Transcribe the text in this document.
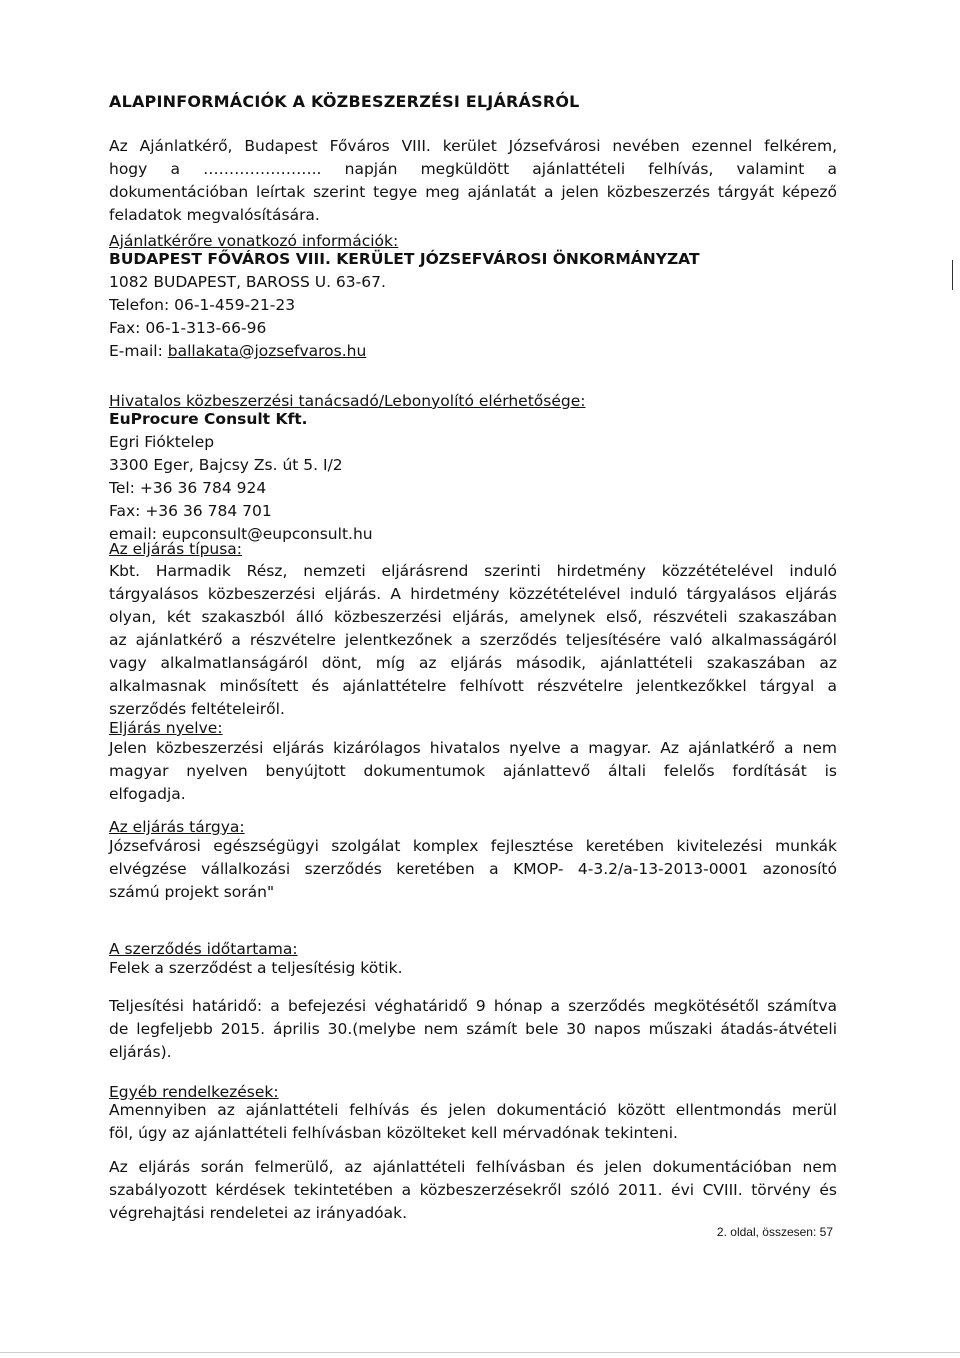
ALAPINFORMÁCIÓK A KÖZBESZERZÉSI ELJÁRÁSRÓL

Az Ajánlatkérő, Budapest Főváros VIII. kerület Józsefvárosi nevében ezennel felkérem,

hogy a ………………….. napján megküldött ajánlattételi felhívás, valamint a

dokumentációban leírtak szerint tegye meg ajánlatát a jelen közbeszerzés tárgyát képező

feladatok megvalósítására.

Ajánlatkérőre vonatkozó információk:

BUDAPEST FŐVÁROS VIII. KERÜLET JÓZSEFVÁROSI ÖNKORMÁNYZAT

1082 BUDAPEST, BAROSS U. 63-67.

Telefon: 06-1-459-21-23

Fax: 06-1-313-66-96

E-mail: ballakata@jozsefvaros.hu

Hivatalos közbeszerzési tanácsadó/Lebonyolító elérhetősége:

EuProcure Consult Kft.

Egri Fióktelep

3300 Eger, Bajcsy Zs. út 5. I/2

Tel: +36 36 784 924

Fax: +36 36 784 701

email: eupconsult@eupconsult.hu

Az eljárás típusa:

Kbt. Harmadik Rész, nemzeti eljárásrend szerinti hirdetmény közzétételével induló

tárgyalásos közbeszerzési eljárás. A hirdetmény közzétételével induló tárgyalásos eljárás

olyan, két szakaszból álló közbeszerzési eljárás, amelynek első, részvételi szakaszában

az ajánlatkérő a részvételre jelentkezőnek a szerződés teljesítésére való alkalmasságáról

vagy alkalmatlanságáról dönt, míg az eljárás második, ajánlattételi szakaszában az

alkalmasnak minősített és ajánlattételre felhívott részvételre jelentkezőkkel tárgyal a

szerződés feltételeiről.

Eljárás nyelve:

Jelen közbeszerzési eljárás kizárólagos hivatalos nyelve a magyar. Az ajánlatkérő a nem

magyar nyelven benyújtott dokumentumok ajánlattevő általi felelős fordítását is

elfogadja.

Az eljárás tárgya:

Józsefvárosi egészségügyi szolgálat komplex fejlesztése keretében kivitelezési munkák

elvégzése vállalkozási szerződés keretében a KMOP- 4-3.2/a-13-2013-0001 azonosító

számú projekt során"

A szerződés időtartama:

Felek a szerződést a teljesítésig kötik.

Teljesítési határidő: a befejezési véghatáridő 9 hónap a szerződés megkötésétől számítva

de legfeljebb 2015. április 30.(melybe nem számít bele 30 napos műszaki átadás-átvételi

eljárás).

Egyéb rendelkezések:

Amennyiben az ajánlattételi felhívás és jelen dokumentáció között ellentmondás merül

föl, úgy az ajánlattételi felhívásban közölteket kell mérvadónak tekinteni.

Az eljárás során felmerülő, az ajánlattételi felhívásban és jelen dokumentációban nem

szabályozott kérdések tekintetében a közbeszerzésekről szóló 2011. évi CVIII. törvény és

végrehajtási rendeletei az irányadóak.

2. oldal, összesen: 57
